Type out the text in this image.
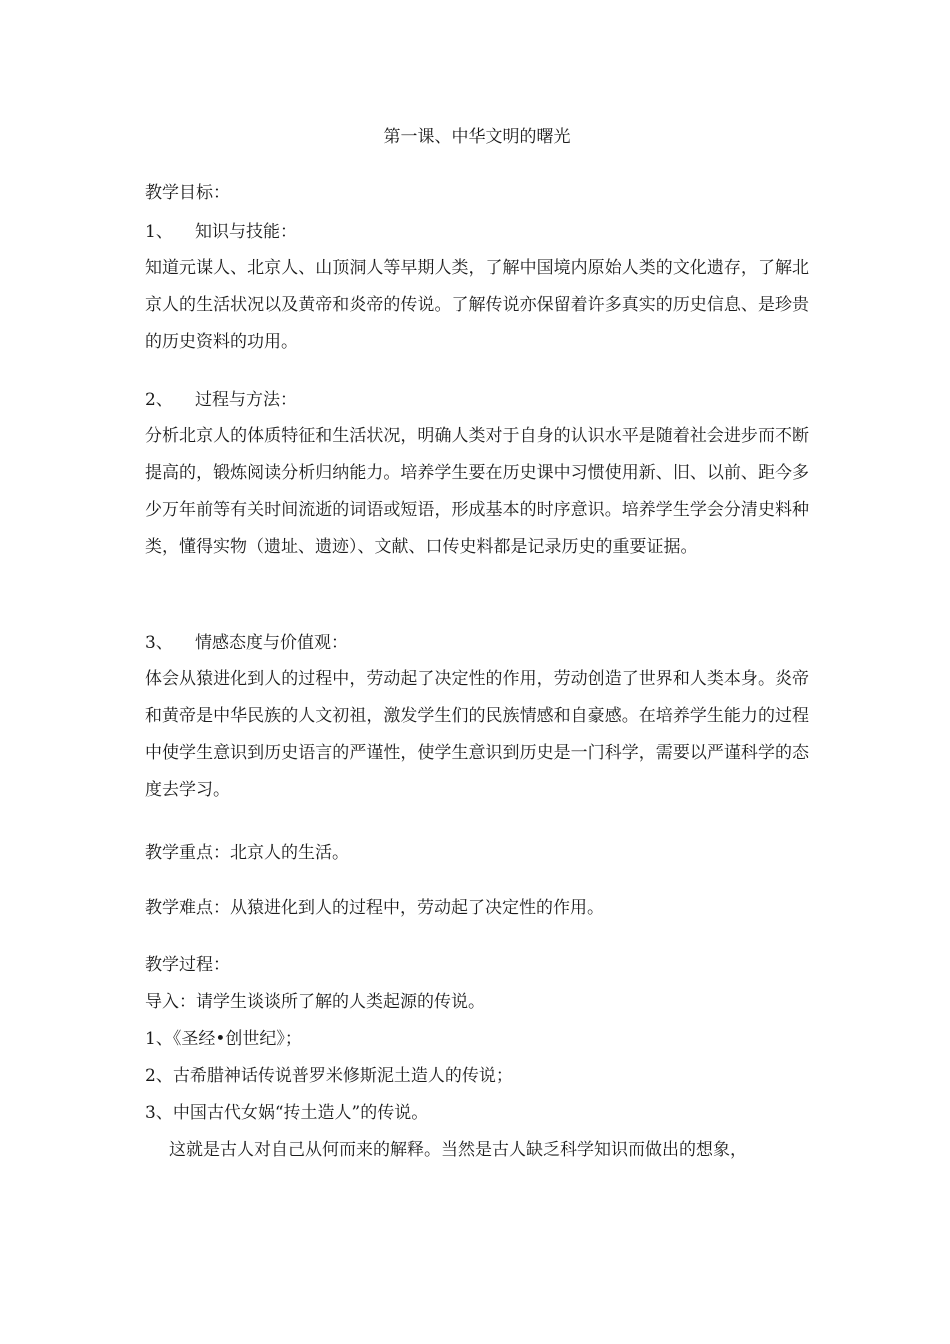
第一课、中华文明的曙光
教学目标：
1、 知识与技能：
知道元谋人、北京人、山顶洞人等早期人类，了解中国境内原始人类的文化遗存，了解北京人的生活状况以及黄帝和炎帝的传说。了解传说亦保留着许多真实的历史信息、是珍贵的历史资料的功用。
2、 过程与方法：
分析北京人的体质特征和生活状况，明确人类对于自身的认识水平是随着社会进步而不断提高的，锻炼阅读分析归纳能力。培养学生要在历史课中习惯使用新、旧、以前、距今多少万年前等有关时间流逝的词语或短语，形成基本的时序意识。培养学生学会分清史料种类，懂得实物（遗址、遗迹）、文献、口传史料都是记录历史的重要证据。
3、 情感态度与价值观：
体会从猿进化到人的过程中，劳动起了决定性的作用，劳动创造了世界和人类本身。炎帝和黄帝是中华民族的人文初祖，激发学生们的民族情感和自豪感。在培养学生能力的过程中使学生意识到历史语言的严谨性，使学生意识到历史是一门科学，需要以严谨科学的态度去学习。
教学重点：北京人的生活。
教学难点：从猿进化到人的过程中，劳动起了决定性的作用。
教学过程：
导入：请学生谈谈所了解的人类起源的传说。
1、《圣经•创世纪》；
2、古希腊神话传说普罗米修斯泥土造人的传说；
3、中国古代女娲“抟土造人”的传说。
这就是古人对自己从何而来的解释。当然是古人缺乏科学知识而做出的想象，
